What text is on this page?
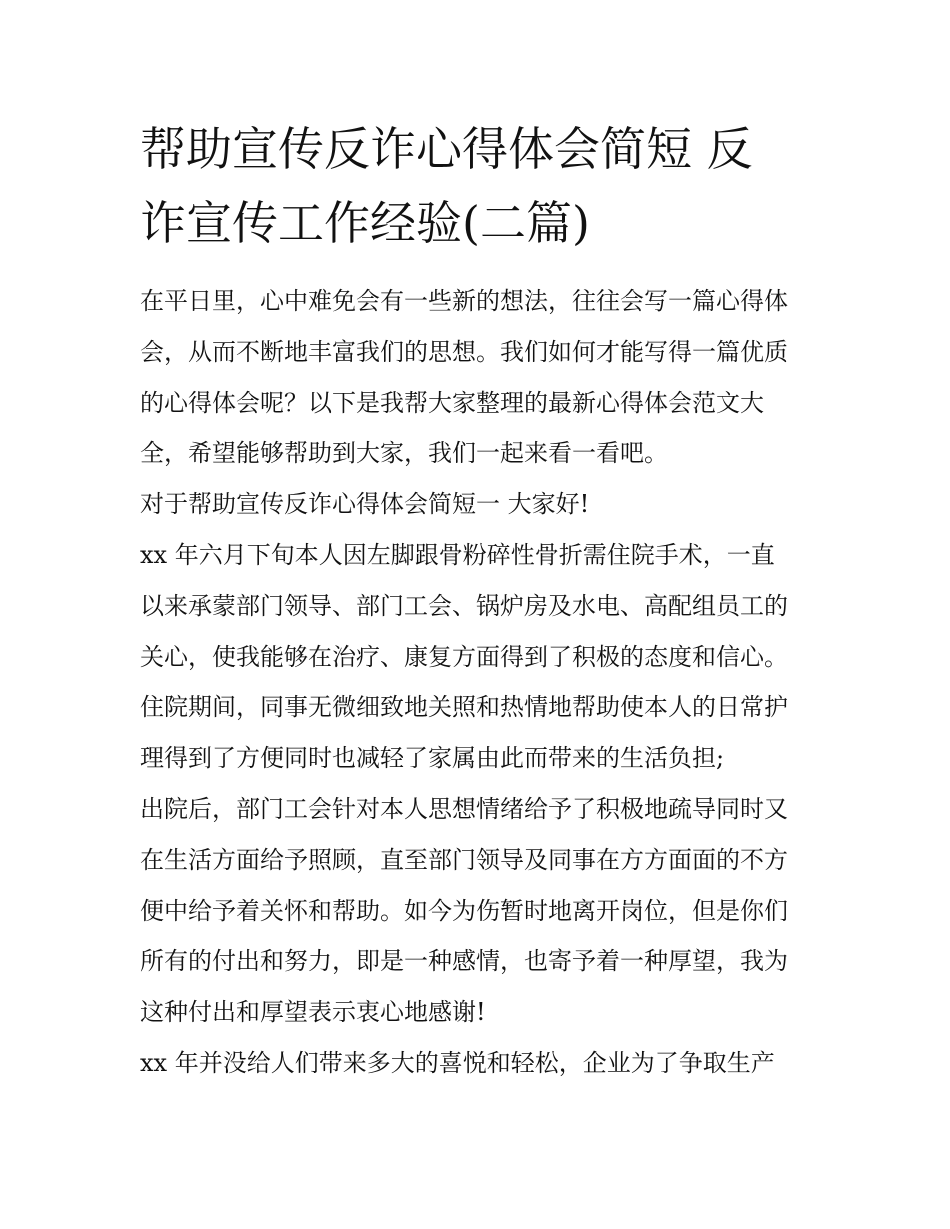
帮助宣传反诈心得体会简短 反
诈宣传工作经验(二篇)
在平日里，心中难免会有一些新的想法，往往会写一篇心得体
会，从而不断地丰富我们的思想。我们如何才能写得一篇优质
的心得体会呢？以下是我帮大家整理的最新心得体会范文大
全，希望能够帮助到大家，我们一起来看一看吧。
对于帮助宣传反诈心得体会简短一 大家好!
xx 年六月下旬本人因左脚跟骨粉碎性骨折需住院手术，一直
以来承蒙部门领导、部门工会、锅炉房及水电、高配组员工的
关心，使我能够在治疗、康复方面得到了积极的态度和信心。
住院期间，同事无微细致地关照和热情地帮助使本人的日常护
理得到了方便同时也减轻了家属由此而带来的生活负担;
出院后，部门工会针对本人思想情绪给予了积极地疏导同时又
在生活方面给予照顾，直至部门领导及同事在方方面面的不方
便中给予着关怀和帮助。如今为伤暂时地离开岗位，但是你们
所有的付出和努力，即是一种感情，也寄予着一种厚望，我为
这种付出和厚望表示衷心地感谢!
xx 年并没给人们带来多大的喜悦和轻松，企业为了争取生产
